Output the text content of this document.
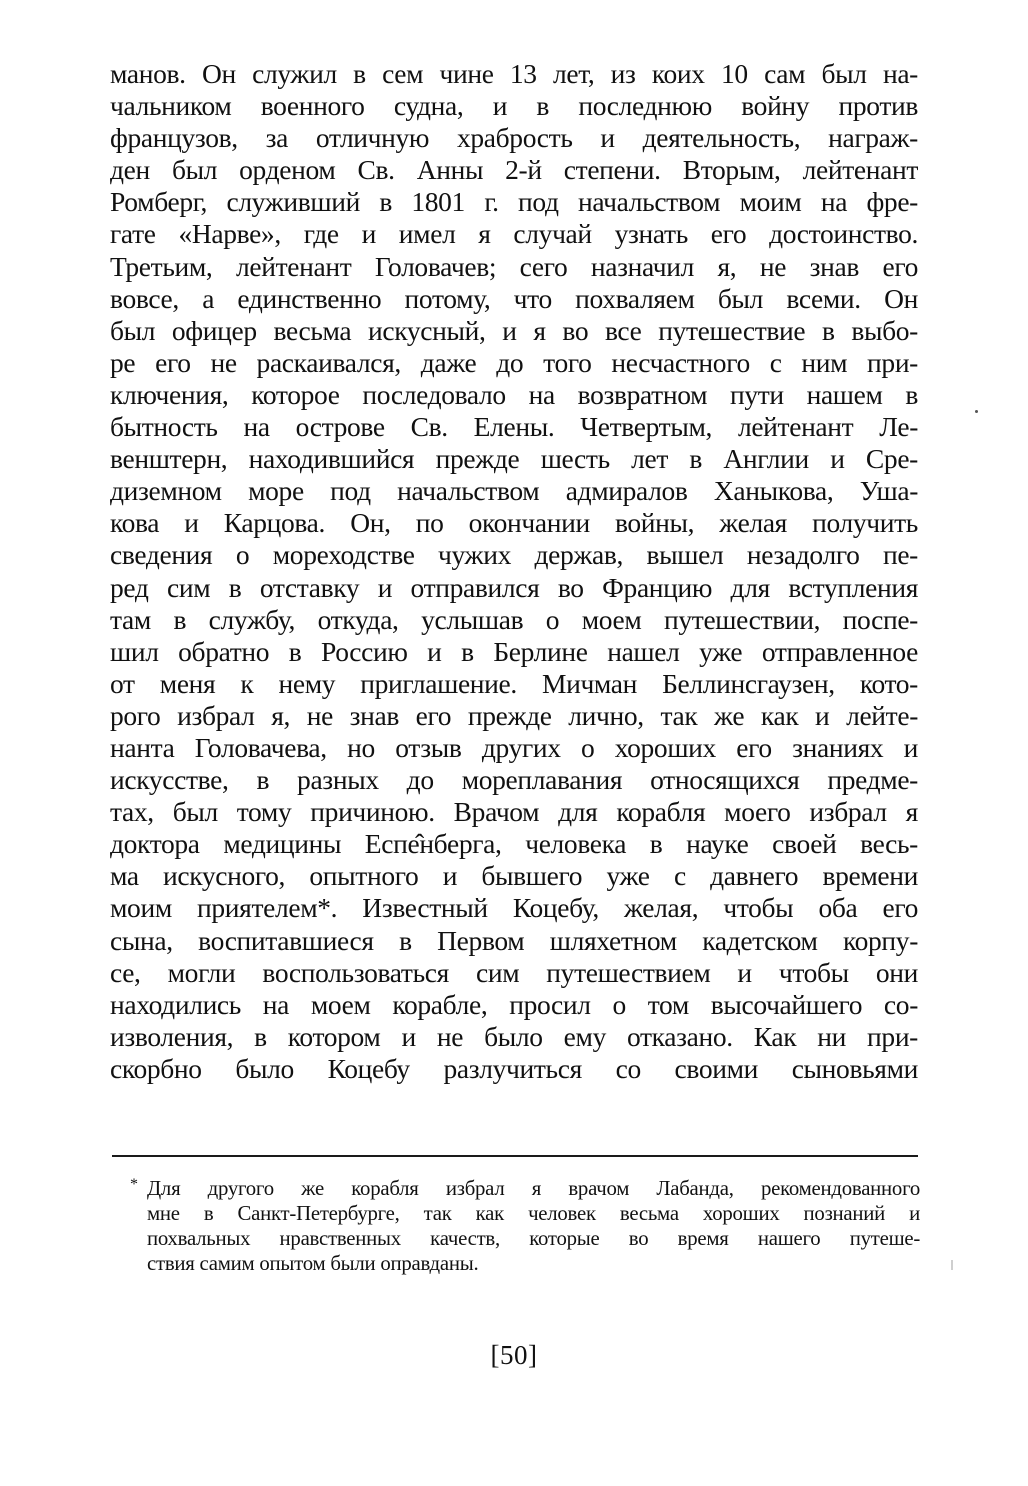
манов. Он служил в сем чине 13 лет, из коих 10 сам был на-
чальником военного судна, и в последнюю войну против
французов, за отличную храбрость и деятельность, награж-
ден был орденом Св. Анны 2-й степени. Вторым, лейтенант
Ромберг, служивший в 1801 г. под начальством моим на фре-
гате «Нарве», где и имел я случай узнать его достоинство.
Третьим, лейтенант Головачев; сего назначил я, не знав его
вовсе, а единственно потому, что похваляем был всеми. Он
был офицер весьма искусный, и я во все путешествие в выбо-
ре его не раскаивался, даже до того несчастного с ним при-
ключения, которое последовало на возвратном пути нашем в
бытность на острове Св. Елены. Четвертым, лейтенант Ле-
венштерн, находившийся прежде шесть лет в Англии и Сре-
диземном море под начальством адмиралов Ханыкова, Уша-
кова и Карцова. Он, по окончании войны, желая получить
сведения о мореходстве чужих держав, вышел незадолго пе-
ред сим в отставку и отправился во Францию для вступления
там в службу, откуда, услышав о моем путешествии, поспе-
шил обратно в Россию и в Берлине нашел уже отправленное
от меня к нему приглашение. Мичман Беллинсгаузен, кото-
рого избрал я, не знав его прежде лично, так же как и лейте-
нанта Головачева, но отзыв других о хороших его знаниях и
искусстве, в разных до мореплавания относящихся предме-
тах, был тому причиною. Врачом для корабля моего избрал я
доктора медицины Еспе̂нберга, человека в науке своей весь-
ма искусного, опытного и бывшего уже с давнего времени
моим приятелем*. Известный Коцебу, желая, чтобы оба его
сына, воспитавшиеся в Первом шляхетном кадетском корпу-
се, могли воспользоваться сим путешествием и чтобы они
находились на моем корабле, просил о том высочайшего со-
изволения, в котором и не было ему отказано. Как ни при-
скорбно было Коцебу разлучиться со своими сыновьями
* Для другого же корабля избрал я врачом Лабанда, рекомендованного
мне в Санкт-Петербурге, так как человек весьма хороших познаний и
похвальных нравственных качеств, которые во время нашего путеше-
ствия самим опытом были оправданы.
[50]
